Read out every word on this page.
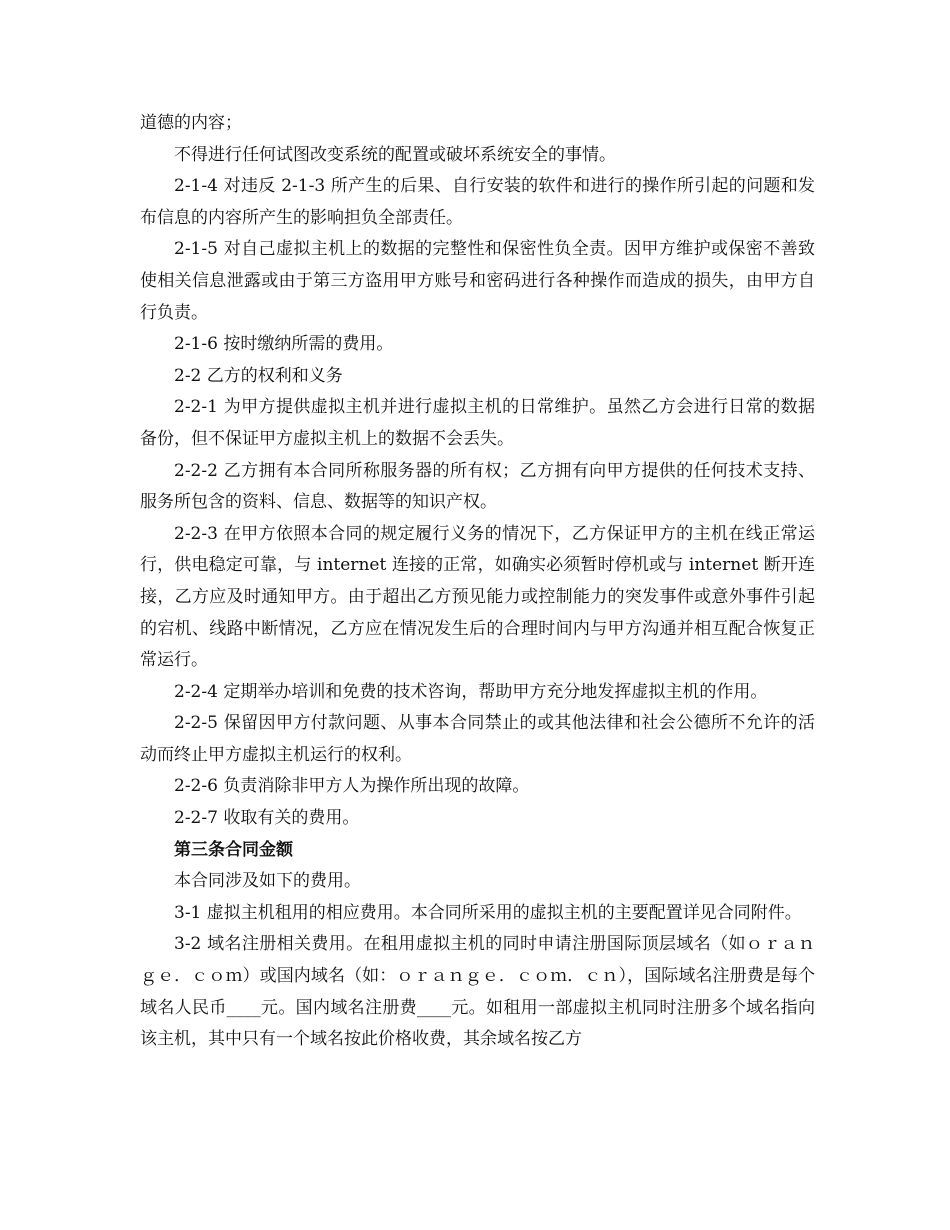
道德的内容；

不得进行任何试图改变系统的配置或破坏系统安全的事情。

2-1-4 对违反 2-1-3 所产生的后果、自行安装的软件和进行的操作所引起的问题和发布信息的内容所产生的影响担负全部责任。

2-1-5 对自己虚拟主机上的数据的完整性和保密性负全责。因甲方维护或保密不善致使相关信息泄露或由于第三方盗用甲方账号和密码进行各种操作而造成的损失，由甲方自行负责。

2-1-6 按时缴纳所需的费用。

2-2 乙方的权利和义务

2-2-1 为甲方提供虚拟主机并进行虚拟主机的日常维护。虽然乙方会进行日常的数据备份，但不保证甲方虚拟主机上的数据不会丢失。

2-2-2 乙方拥有本合同所称服务器的所有权；乙方拥有向甲方提供的任何技术支持、服务所包含的资料、信息、数据等的知识产权。

2-2-3 在甲方依照本合同的规定履行义务的情况下，乙方保证甲方的主机在线正常运行，供电稳定可靠，与 internet 连接的正常，如确实必须暂时停机或与 internet 断开连接，乙方应及时通知甲方。由于超出乙方预见能力或控制能力的突发事件或意外事件引起的宕机、线路中断情况，乙方应在情况发生后的合理时间内与甲方沟通并相互配合恢复正常运行。

2-2-4 定期举办培训和免费的技术咨询，帮助甲方充分地发挥虚拟主机的作用。

2-2-5 保留因甲方付款问题、从事本合同禁止的或其他法律和社会公德所不允许的活动而终止甲方虚拟主机运行的权利。

2-2-6 负责消除非甲方人为操作所出现的故障。

2-2-7 收取有关的费用。

第三条合同金额

本合同涉及如下的费用。

3-1 虚拟主机租用的相应费用。本合同所采用的虚拟主机的主要配置详见合同附件。

3-2 域名注册相关费用。在租用虚拟主机的同时申请注册国际顶层域名（如ｏｒａｎｇｅ．ｃｏｍ）或国内域名（如：ｏｒａｎｇｅ．ｃｏｍ．ｃｎ），国际域名注册费是每个域名人民币____元。国内域名注册费____元。如租用一部虚拟主机同时注册多个域名指向该主机，其中只有一个域名按此价格收费，其余域名按乙方
